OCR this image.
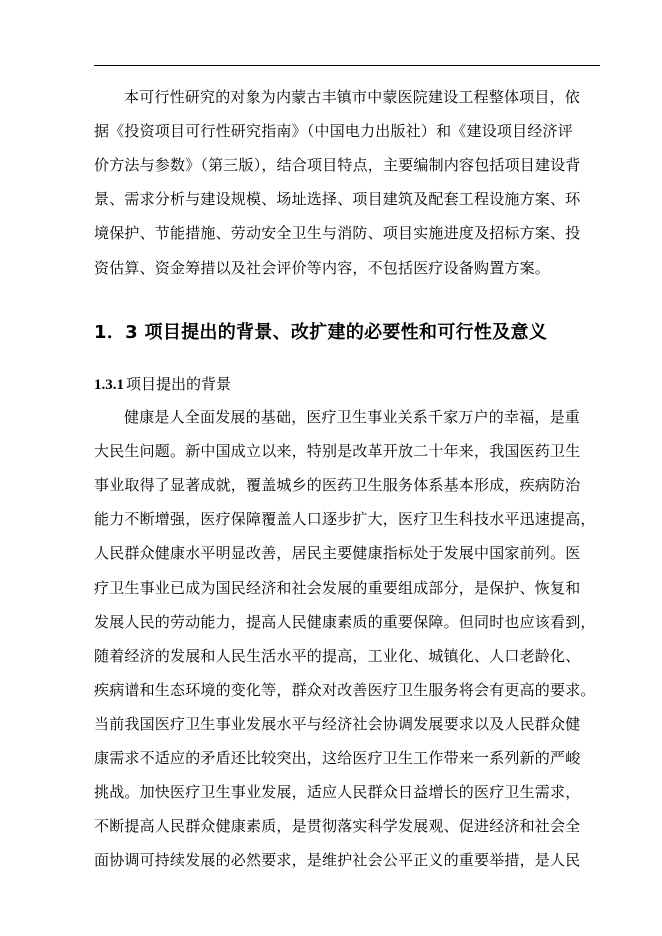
本可行性研究的对象为内蒙古丰镇市中蒙医院建设工程整体项目，依
据《投资项目可行性研究指南》（中国电力出版社）和《建设项目经济评
价方法与参数》（第三版），结合项目特点，主要编制内容包括项目建设背
景、需求分析与建设规模、场址选择、项目建筑及配套工程设施方案、环
境保护、节能措施、劳动安全卫生与消防、项目实施进度及招标方案、投
资估算、资金筹措以及社会评价等内容，不包括医疗设备购置方案。
1．3 项目提出的背景、改扩建的必要性和可行性及意义
1.3.1 项目提出的背景
健康是人全面发展的基础，医疗卫生事业关系千家万户的幸福，是重
大民生问题。新中国成立以来，特别是改革开放二十年来，我国医药卫生
事业取得了显著成就，覆盖城乡的医药卫生服务体系基本形成，疾病防治
能力不断增强，医疗保障覆盖人口逐步扩大，医疗卫生科技水平迅速提高，
人民群众健康水平明显改善，居民主要健康指标处于发展中国家前列。医
疗卫生事业已成为国民经济和社会发展的重要组成部分，是保护、恢复和
发展人民的劳动能力，提高人民健康素质的重要保障。但同时也应该看到，
随着经济的发展和人民生活水平的提高，工业化、城镇化、人口老龄化、
疾病谱和生态环境的变化等，群众对改善医疗卫生服务将会有更高的要求。
当前我国医疗卫生事业发展水平与经济社会协调发展要求以及人民群众健
康需求不适应的矛盾还比较突出，这给医疗卫生工作带来一系列新的严峻
挑战。加快医疗卫生事业发展，适应人民群众日益增长的医疗卫生需求，
不断提高人民群众健康素质，是贯彻落实科学发展观、促进经济和社会全
面协调可持续发展的必然要求，是维护社会公平正义的重要举措，是人民
